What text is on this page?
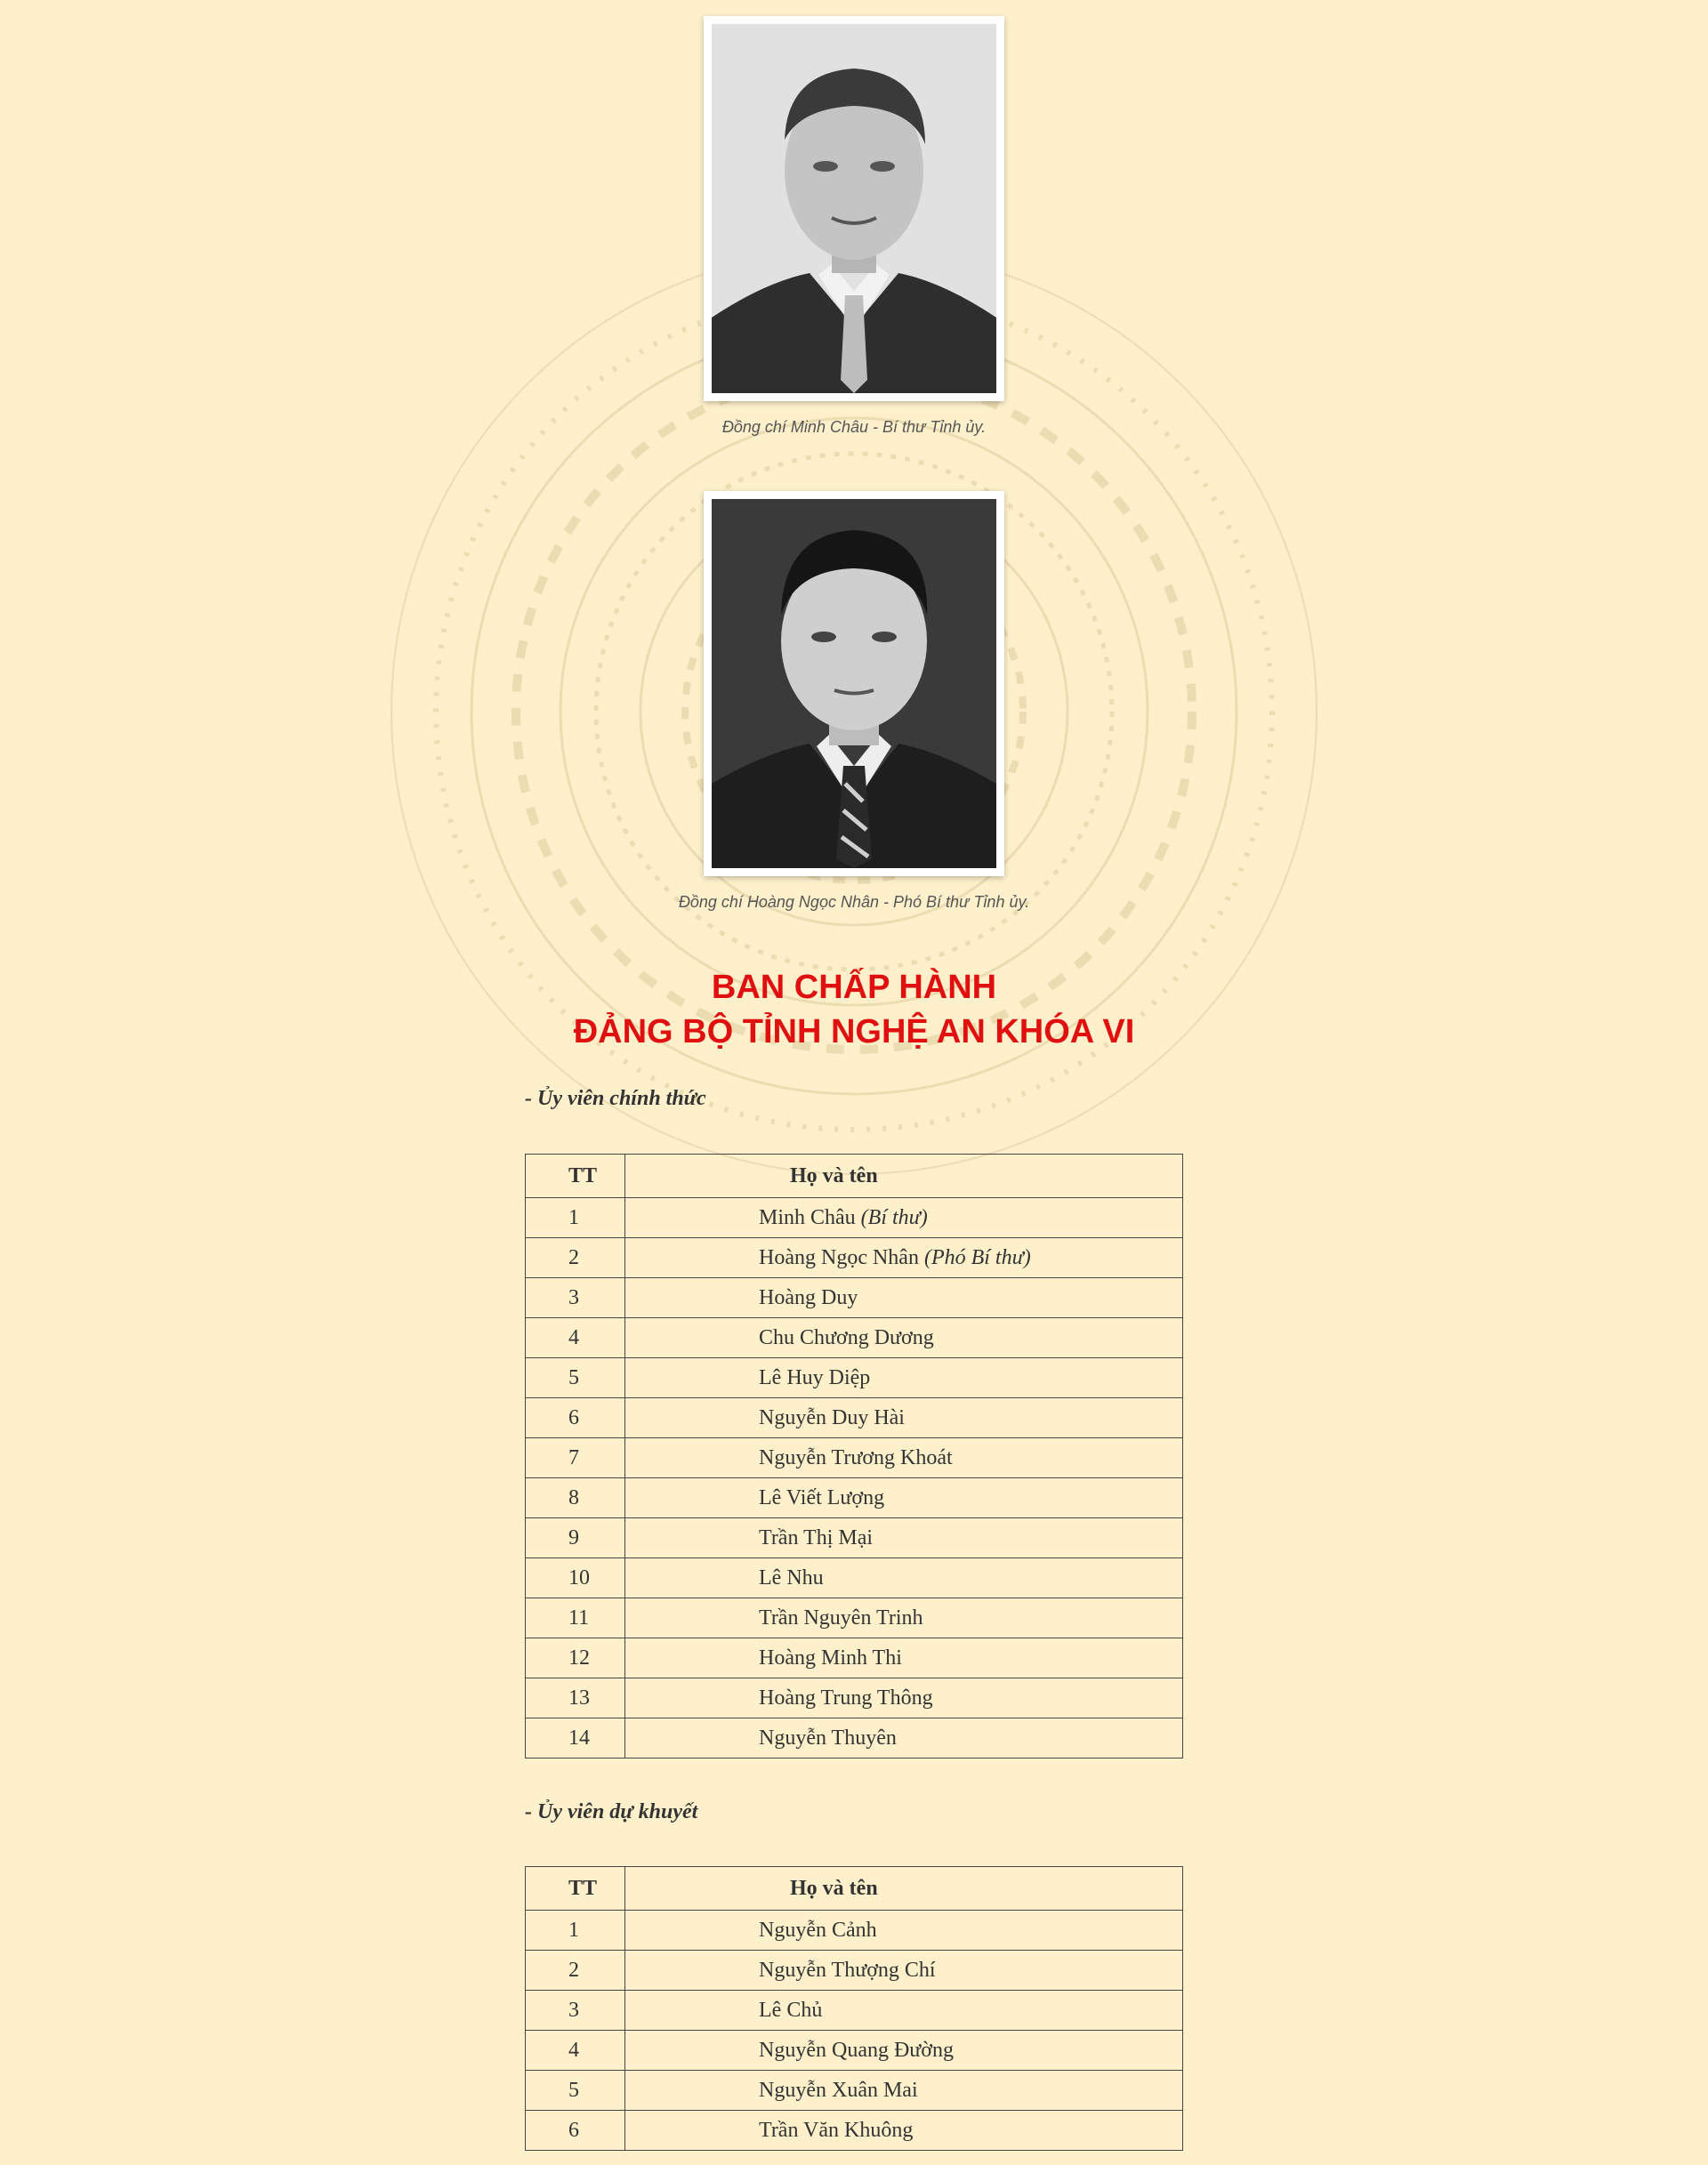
Đồng chí Minh Châu - Bí thư Tỉnh ủy.
Đồng chí Hoàng Ngọc Nhân - Phó Bí thư Tỉnh ủy.
BAN CHẤP HÀNH
ĐẢNG BỘ TỈNH NGHỆ AN KHÓA VI
- Ủy viên chính thức
TT	Họ và tên
1	Minh Châu (Bí thư)
2	Hoàng Ngọc Nhân (Phó Bí thư)
3	Hoàng Duy
4	Chu Chương Dương
5	Lê Huy Diệp
6	Nguyễn Duy Hài
7	Nguyễn Trương Khoát
8	Lê Viết Lượng
9	Trần Thị Mại
10	Lê Nhu
11	Trần Nguyên Trinh
12	Hoàng Minh Thi
13	Hoàng Trung Thông
14	Nguyễn Thuyên
- Ủy viên dự khuyết
TT	Họ và tên
1	Nguyễn Cảnh
2	Nguyễn Thượng Chí
3	Lê Chủ
4	Nguyễn Quang Đường
5	Nguyễn Xuân Mai
6	Trần Văn Khuông
